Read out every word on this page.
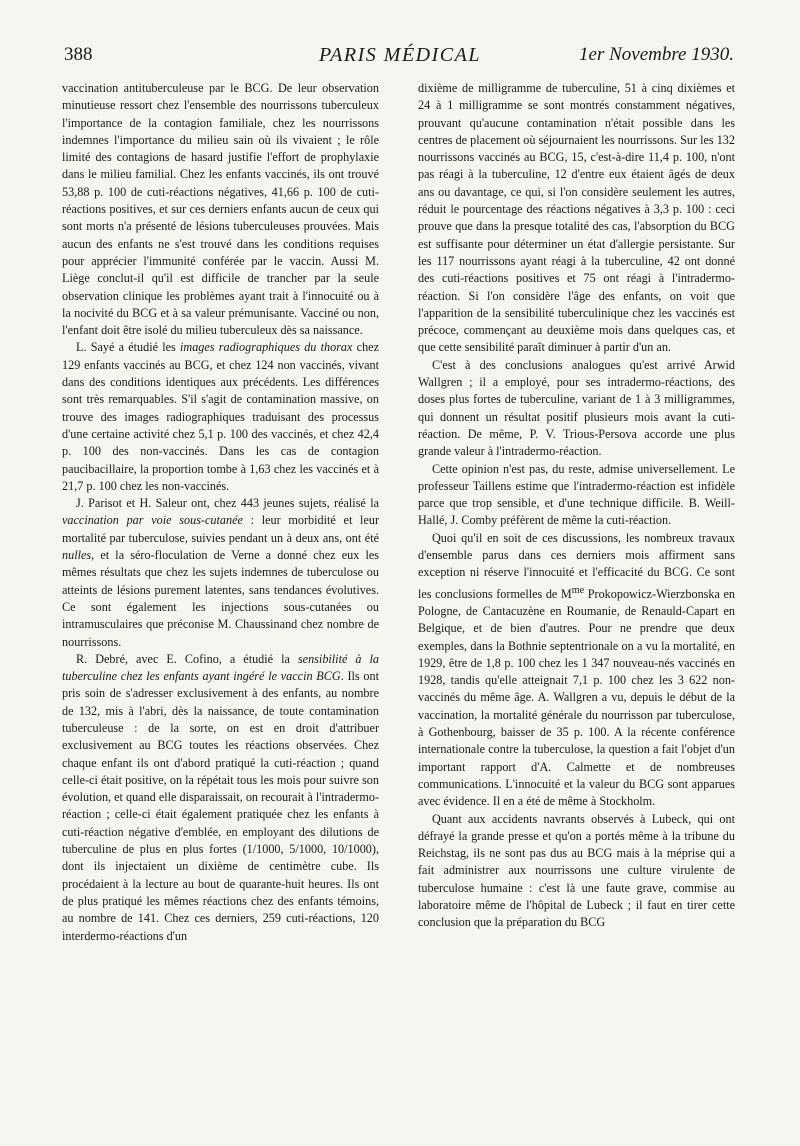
388	PARIS MÉDICAL	1er Novembre 1930.

vaccination antituberculeuse par le BCG. De leur observation minutieuse ressort chez l'ensemble des nourrissons tuberculeux l'importance de la contagion familiale, chez les nourrissons indemnes l'importance du milieu sain où ils vivaient ; le rôle limité des contagions de hasard justifie l'effort de prophylaxie dans le milieu familial. Chez les enfants vaccinés, ils ont trouvé 53,88 p. 100 de cuti-réactions négatives, 41,66 p. 100 de cuti-réactions positives, et sur ces derniers enfants aucun de ceux qui sont morts n'a présenté de lésions tuberculeuses prouvées. Mais aucun des enfants ne s'est trouvé dans les conditions requises pour apprécier l'immunité conférée par le vaccin. Aussi M. Liège conclut-il qu'il est difficile de trancher par la seule observation clinique les problèmes ayant trait à l'innocuité ou à la nocivité du BCG et à sa valeur prémunisante. Vacciné ou non, l'enfant doit être isolé du milieu tuberculeux dès sa naissance.

L. Sayé a étudié les images radiographiques du thorax chez 129 enfants vaccinés au BCG, et chez 124 non vaccinés, vivant dans des conditions identiques aux précédents. Les différences sont très remarquables. S'il s'agit de contamination massive, on trouve des images radiographiques traduisant des processus d'une certaine activité chez 5,1 p. 100 des vaccinés, et chez 42,4 p. 100 des non-vaccinés. Dans les cas de contagion paucibacillaire, la proportion tombe à 1,63 chez les vaccinés et à 21,7 p. 100 chez les non-vaccinés.

J. Parisot et H. Saleur ont, chez 443 jeunes sujets, réalisé la vaccination par voie sous-cutanée : leur morbidité et leur mortalité par tuberculose, suivies pendant un à deux ans, ont été nulles, et la séro-floculation de Verne a donné chez eux les mêmes résultats que chez les sujets indemnes de tuberculose ou atteints de lésions purement latentes, sans tendances évolutives. Ce sont également les injections sous-cutanées ou intramusculaires que préconise M. Chaussinand chez nombre de nourrissons.

R. Debré, avec E. Cofino, a étudié la sensibilité à la tuberculine chez les enfants ayant ingéré le vaccin BCG. Ils ont pris soin de s'adresser exclusivement à des enfants, au nombre de 132, mis à l'abri, dès la naissance, de toute contamination tuberculeuse : de la sorte, on est en droit d'attribuer exclusivement au BCG toutes les réactions observées. Chez chaque enfant ils ont d'abord pratiqué la cuti-réaction ; quand celle-ci était positive, on la répétait tous les mois pour suivre son évolution, et quand elle disparaissait, on recourait à l'intradermo-réaction ; celle-ci était également pratiquée chez les enfants à cuti-réaction négative d'emblée, en employant des dilutions de tuberculine de plus en plus fortes (1/1000, 5/1000, 10/1000), dont ils injectaient un dixième de centimètre cube. Ils procédaient à la lecture au bout de quarante-huit heures. Ils ont de plus pratiqué les mêmes réactions chez des enfants témoins, au nombre de 141. Chez ces derniers, 259 cuti-réactions, 120 interdermo-réactions d'un

dixième de milligramme de tuberculine, 51 à cinq dixièmes et 24 à 1 milligramme se sont montrés constamment négatives, prouvant qu'aucune contamination n'était possible dans les centres de placement où séjournaient les nourrissons. Sur les 132 nourrissons vaccinés au BCG, 15, c'est-à-dire 11,4 p. 100, n'ont pas réagi à la tuberculine, 12 d'entre eux étaient âgés de deux ans ou davantage, ce qui, si l'on considère seulement les autres, réduit le pourcentage des réactions négatives à 3,3 p. 100 : ceci prouve que dans la presque totalité des cas, l'absorption du BCG est suffisante pour déterminer un état d'allergie persistante. Sur les 117 nourrissons ayant réagi à la tuberculine, 42 ont donné des cuti-réactions positives et 75 ont réagi à l'intradermo-réaction. Si l'on considère l'âge des enfants, on voit que l'apparition de la sensibilité tuberculinique chez les vaccinés est précoce, commençant au deuxième mois dans quelques cas, et que cette sensibilité paraît diminuer à partir d'un an.

C'est à des conclusions analogues qu'est arrivé Arwid Wallgren ; il a employé, pour ses intradermo-réactions, des doses plus fortes de tuberculine, variant de 1 à 3 milligrammes, qui donnent un résultat positif plusieurs mois avant la cuti-réaction. De même, P. V. Trious-Persova accorde une plus grande valeur à l'intradermo-réaction.

Cette opinion n'est pas, du reste, admise universellement. Le professeur Taillens estime que l'intradermo-réaction est infidèle parce que trop sensible, et d'une technique difficile. B. Weill-Hallé, J. Comby préfèrent de même la cuti-réaction.

Quoi qu'il en soit de ces discussions, les nombreux travaux d'ensemble parus dans ces derniers mois affirment sans exception ni réserve l'innocuité et l'efficacité du BCG. Ce sont les conclusions formelles de $M^{me}$ Prokopowicz-Wierzbonska en Pologne, de Cantacuzène en Roumanie, de Renauld-Capart en Belgique, et de bien d'autres. Pour ne prendre que deux exemples, dans la Bothnie septentrionale on a vu la mortalité, en 1929, être de 1,8 p. 100 chez les 1 347 nouveau-nés vaccinés en 1928, tandis qu'elle atteignait 7,1 p. 100 chez les 3 622 non-vaccinés du même âge. A. Wallgren a vu, depuis le début de la vaccination, la mortalité générale du nourrisson par tuberculose, à Gothenbourg, baisser de 35 p. 100. A la récente conférence internationale contre la tuberculose, la question a fait l'objet d'un important rapport d'A. Calmette et de nombreuses communications. L'innocuité et la valeur du BCG sont apparues avec évidence. Il en a été de même à Stockholm.

Quant aux accidents navrants observés à Lubeck, qui ont défrayé la grande presse et qu'on a portés même à la tribune du Reichstag, ils ne sont pas dus au BCG mais à la méprise qui a fait administrer aux nourrissons une culture virulente de tuberculose humaine : c'est là une faute grave, commise au laboratoire même de l'hôpital de Lubeck ; il faut en tirer cette conclusion que la préparation du BCG
